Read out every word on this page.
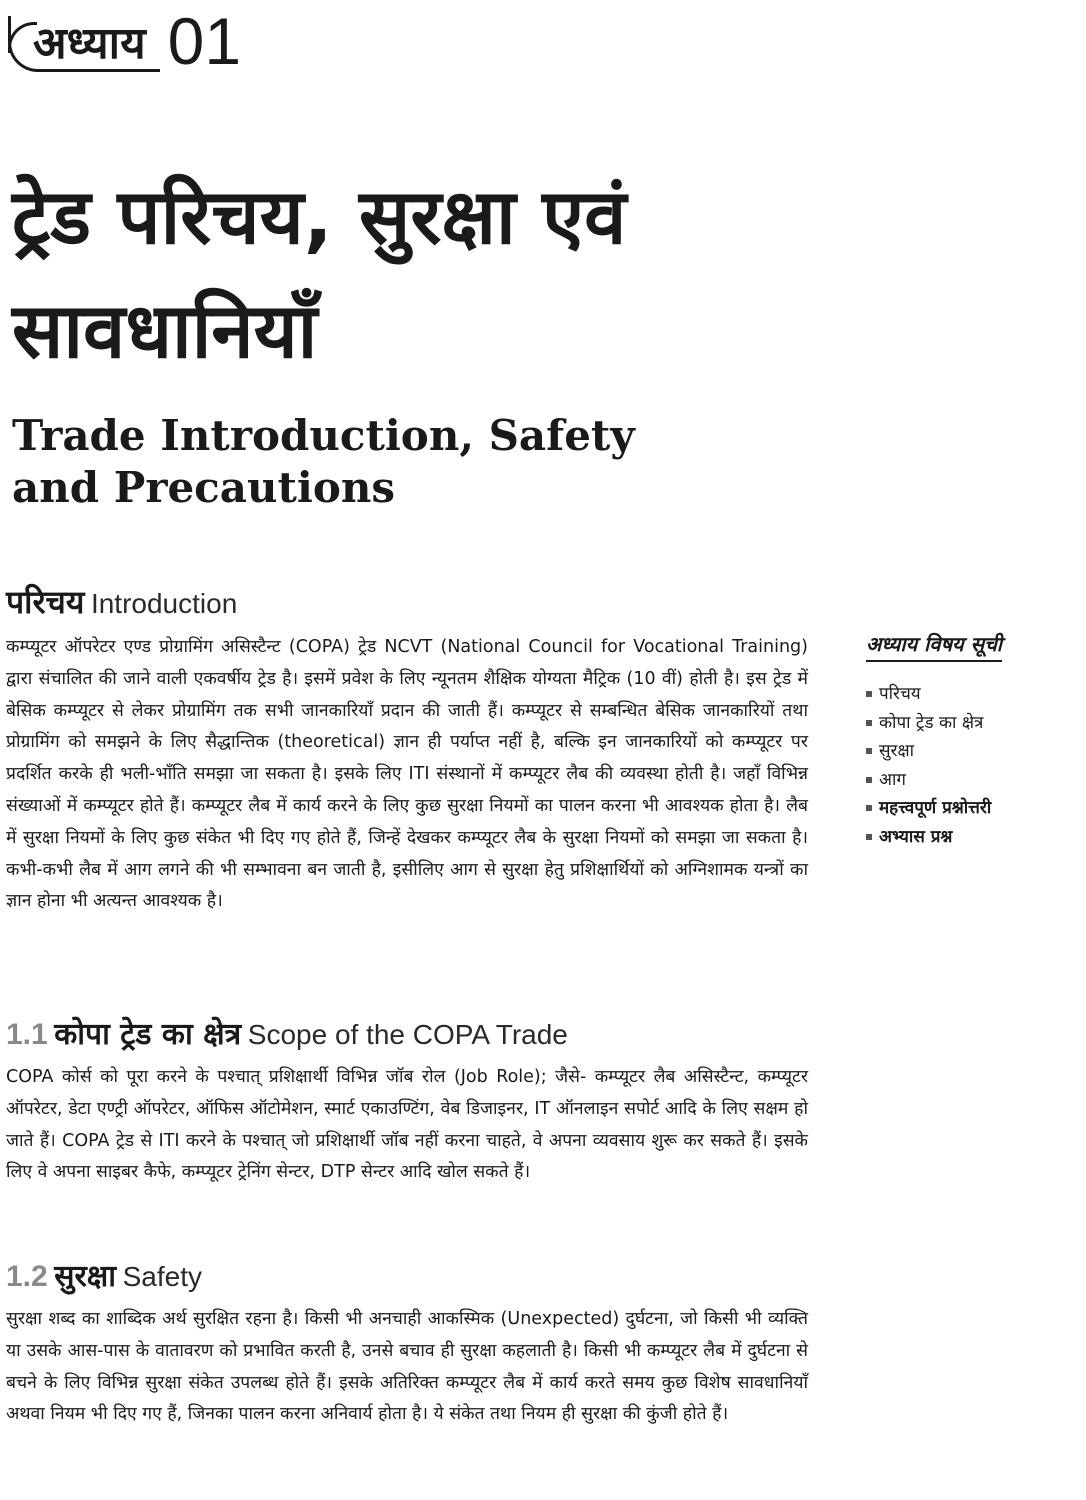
अध्याय 01
ट्रेड परिचय, सुरक्षा एवं सावधानियाँ
Trade Introduction, Safety and Precautions
परिचय Introduction

कम्प्यूटर ऑपरेटर एण्ड प्रोग्रामिंग असिस्टैन्ट (COPA) ट्रेड NCVT (National Council for Vocational Training) द्वारा संचालित की जाने वाली एकवर्षीय ट्रेड है। इसमें प्रवेश के लिए न्यूनतम शैक्षिक योग्यता मैट्रिक (10 वीं) होती है। इस ट्रेड में बेसिक कम्प्यूटर से लेकर प्रोग्रामिंग तक सभी जानकारियाँ प्रदान की जाती हैं। कम्प्यूटर से सम्बन्धित बेसिक जानकारियों तथा प्रोग्रामिंग को समझने के लिए सैद्धान्तिक (theoretical) ज्ञान ही पर्याप्त नहीं है, बल्कि इन जानकारियों को कम्प्यूटर पर प्रदर्शित करके ही भली-भाँति समझा जा सकता है। इसके लिए ITI संस्थानों में कम्प्यूटर लैब की व्यवस्था होती है। जहाँ विभिन्न संख्याओं में कम्प्यूटर होते हैं। कम्प्यूटर लैब में कार्य करने के लिए कुछ सुरक्षा नियमों का पालन करना भी आवश्यक होता है। लैब में सुरक्षा नियमों के लिए कुछ संकेत भी दिए गए होते हैं, जिन्हें देखकर कम्प्यूटर लैब के सुरक्षा नियमों को समझा जा सकता है। कभी-कभी लैब में आग लगने की भी सम्भावना बन जाती है, इसीलिए आग से सुरक्षा हेतु प्रशिक्षार्थियों को अग्निशामक यन्त्रों का ज्ञान होना भी अत्यन्त आवश्यक है।

1.1 कोपा ट्रेड का क्षेत्र Scope of the COPA Trade

COPA कोर्स को पूरा करने के पश्चात् प्रशिक्षार्थी विभिन्न जॉब रोल (Job Role); जैसे- कम्प्यूटर लैब असिस्टैन्ट, कम्प्यूटर ऑपरेटर, डेटा एण्ट्री ऑपरेटर, ऑफिस ऑटोमेशन, स्मार्ट एकाउण्टिंग, वेब डिजाइनर, IT ऑनलाइन सपोर्ट आदि के लिए सक्षम हो जाते हैं। COPA ट्रेड से ITI करने के पश्चात् जो प्रशिक्षार्थी जॉब नहीं करना चाहते, वे अपना व्यवसाय शुरू कर सकते हैं। इसके लिए वे अपना साइबर कैफे, कम्प्यूटर ट्रेनिंग सेन्टर, DTP सेन्टर आदि खोल सकते हैं।

1.2 सुरक्षा Safety

सुरक्षा शब्द का शाब्दिक अर्थ सुरक्षित रहना है। किसी भी अनचाही आकस्मिक (Unexpected) दुर्घटना, जो किसी भी व्यक्ति या उसके आस-पास के वातावरण को प्रभावित करती है, उनसे बचाव ही सुरक्षा कहलाती है। किसी भी कम्प्यूटर लैब में दुर्घटना से बचने के लिए विभिन्न सुरक्षा संकेत उपलब्ध होते हैं। इसके अतिरिक्त कम्प्यूटर लैब में कार्य करते समय कुछ विशेष सावधानियाँ अथवा नियम भी दिए गए हैं, जिनका पालन करना अनिवार्य होता है। ये संकेत तथा नियम ही सुरक्षा की कुंजी होते हैं।

अध्याय विषय सूची
परिचय
कोपा ट्रेड का क्षेत्र
सुरक्षा
आग
महत्त्वपूर्ण प्रश्नोत्तरी
अभ्यास प्रश्न
